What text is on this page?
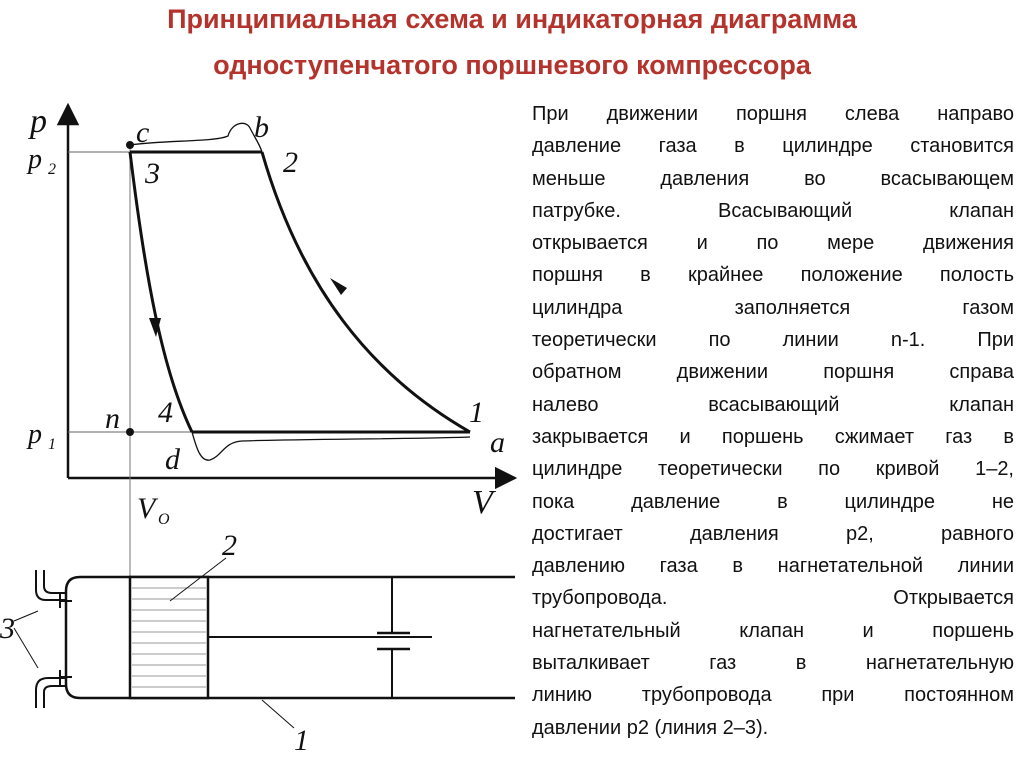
Принципиальная схема и индикаторная диаграмма
одноступенчатого поршневого компрессора
p
V
p 2
p 1
V O
c	b
2
3
n 4
d
1
a
2
3
1
При движении поршня слева направо
давление газа в цилиндре становится
меньше давления во всасывающем
патрубке. Всасывающий клапан
открывается и по мере движения
поршня в крайнее положение полость
цилиндра заполняется газом
теоретически по линии n-1. При
обратном движении поршня справа
налево всасывающий клапан
закрывается и поршень сжимает газ в
цилиндре теоретически по кривой 1–2,
пока давление в цилиндре не
достигает давления p2, равного
давлению газа в нагнетательной линии
трубопровода. Открывается
нагнетательный клапан и поршень
выталкивает газ в нагнетательную
линию трубопровода при постоянном
давлении p2 (линия 2–3).
